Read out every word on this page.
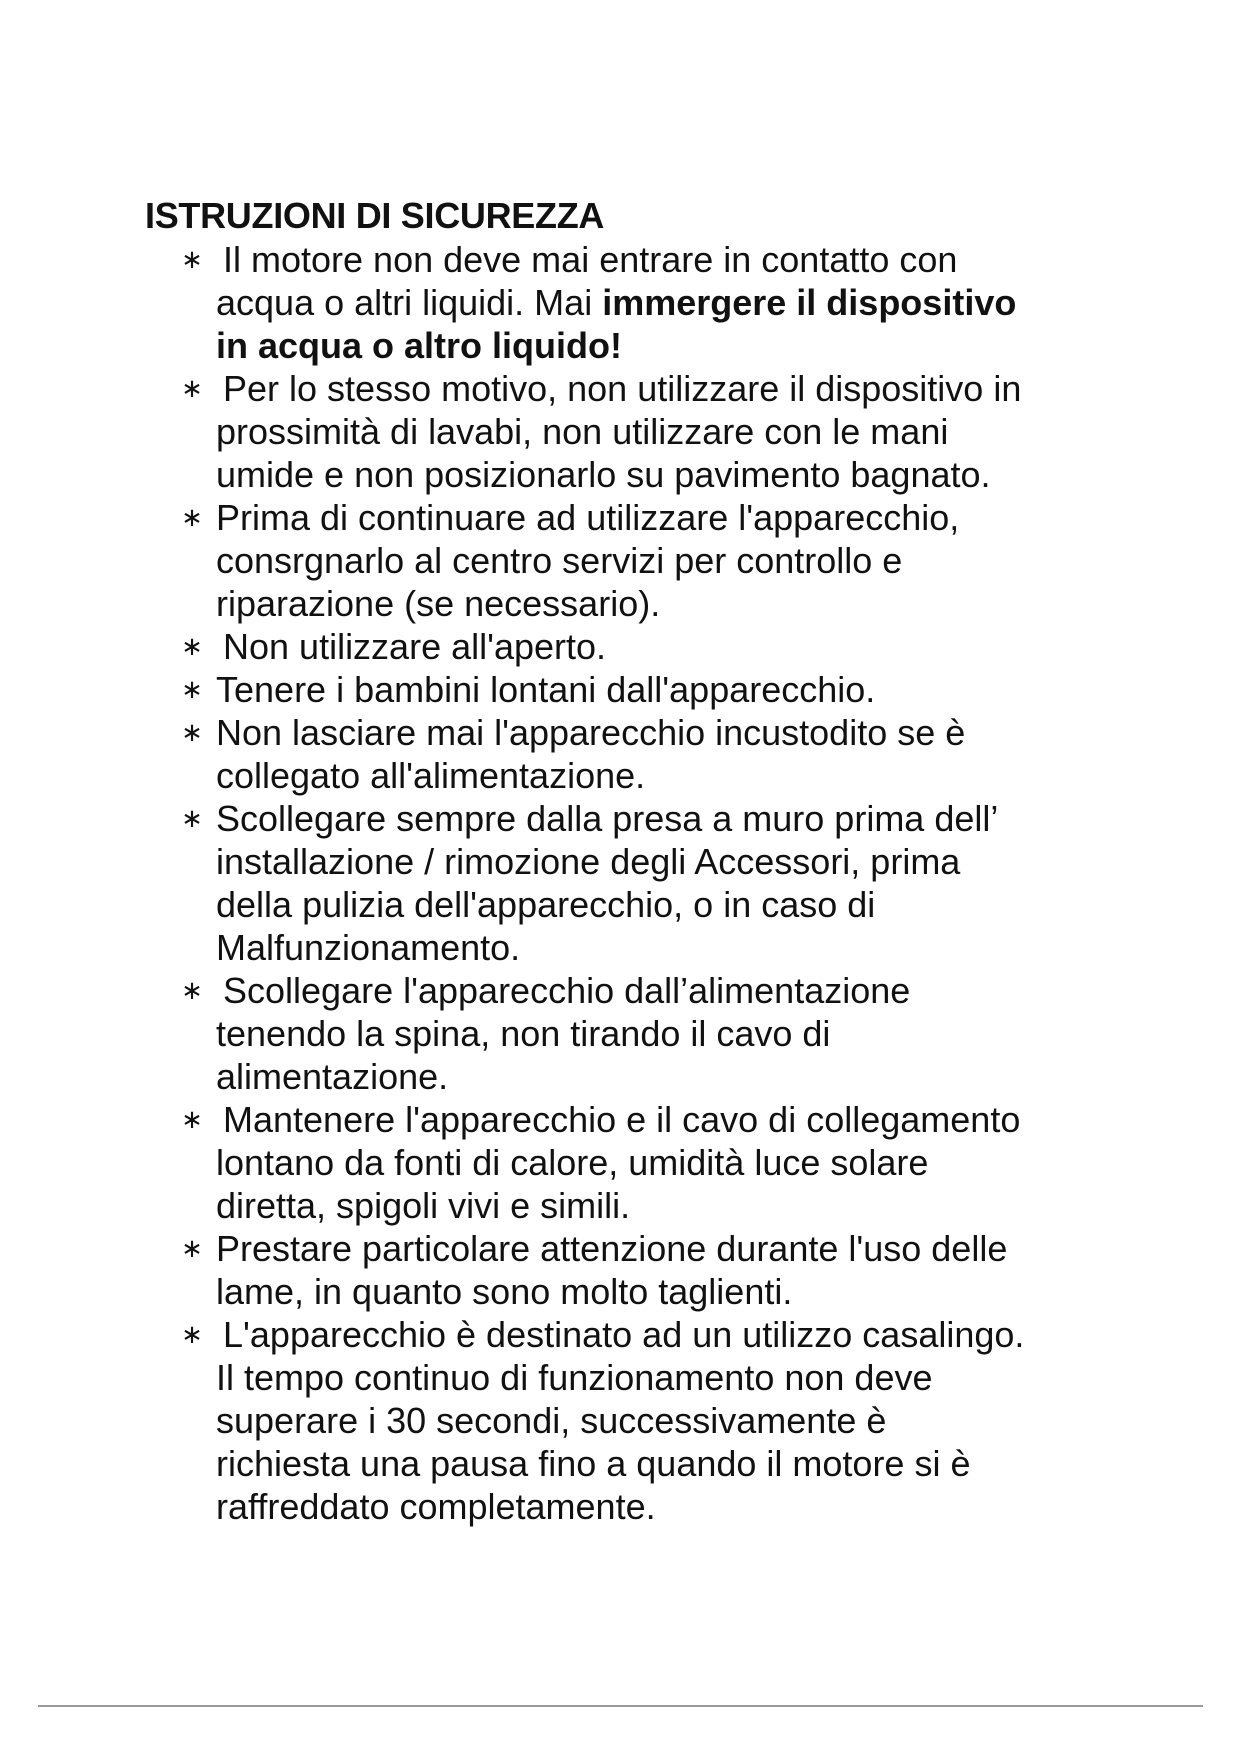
ISTRUZIONI DI SICUREZZA
∗ Il motore non deve mai entrare in contatto con
acqua o altri liquidi. Mai immergere il dispositivo
in acqua o altro liquido!
∗ Per lo stesso motivo, non utilizzare il dispositivo in
prossimità di lavabi, non utilizzare con le mani
umide e non posizionarlo su pavimento bagnato.
∗ Prima di continuare ad utilizzare l'apparecchio,
consrgnarlo al centro servizi per controllo e
riparazione (se necessario).
∗ Non utilizzare all'aperto.
∗ Tenere i bambini lontani dall'apparecchio.
∗ Non lasciare mai l'apparecchio incustodito se è
collegato all'alimentazione.
∗ Scollegare sempre dalla presa a muro prima dell’
installazione / rimozione degli Accessori, prima
della pulizia dell'apparecchio, o in caso di
Malfunzionamento.
∗ Scollegare l'apparecchio dall’alimentazione
tenendo la spina, non tirando il cavo di
alimentazione.
∗ Mantenere l'apparecchio e il cavo di collegamento
lontano da fonti di calore, umidità luce solare
diretta, spigoli vivi e simili.
∗ Prestare particolare attenzione durante l'uso delle
lame, in quanto sono molto taglienti.
∗ L'apparecchio è destinato ad un utilizzo casalingo.
Il tempo continuo di funzionamento non deve
superare i 30 secondi, successivamente è
richiesta una pausa fino a quando il motore si è
raffreddato completamente.
